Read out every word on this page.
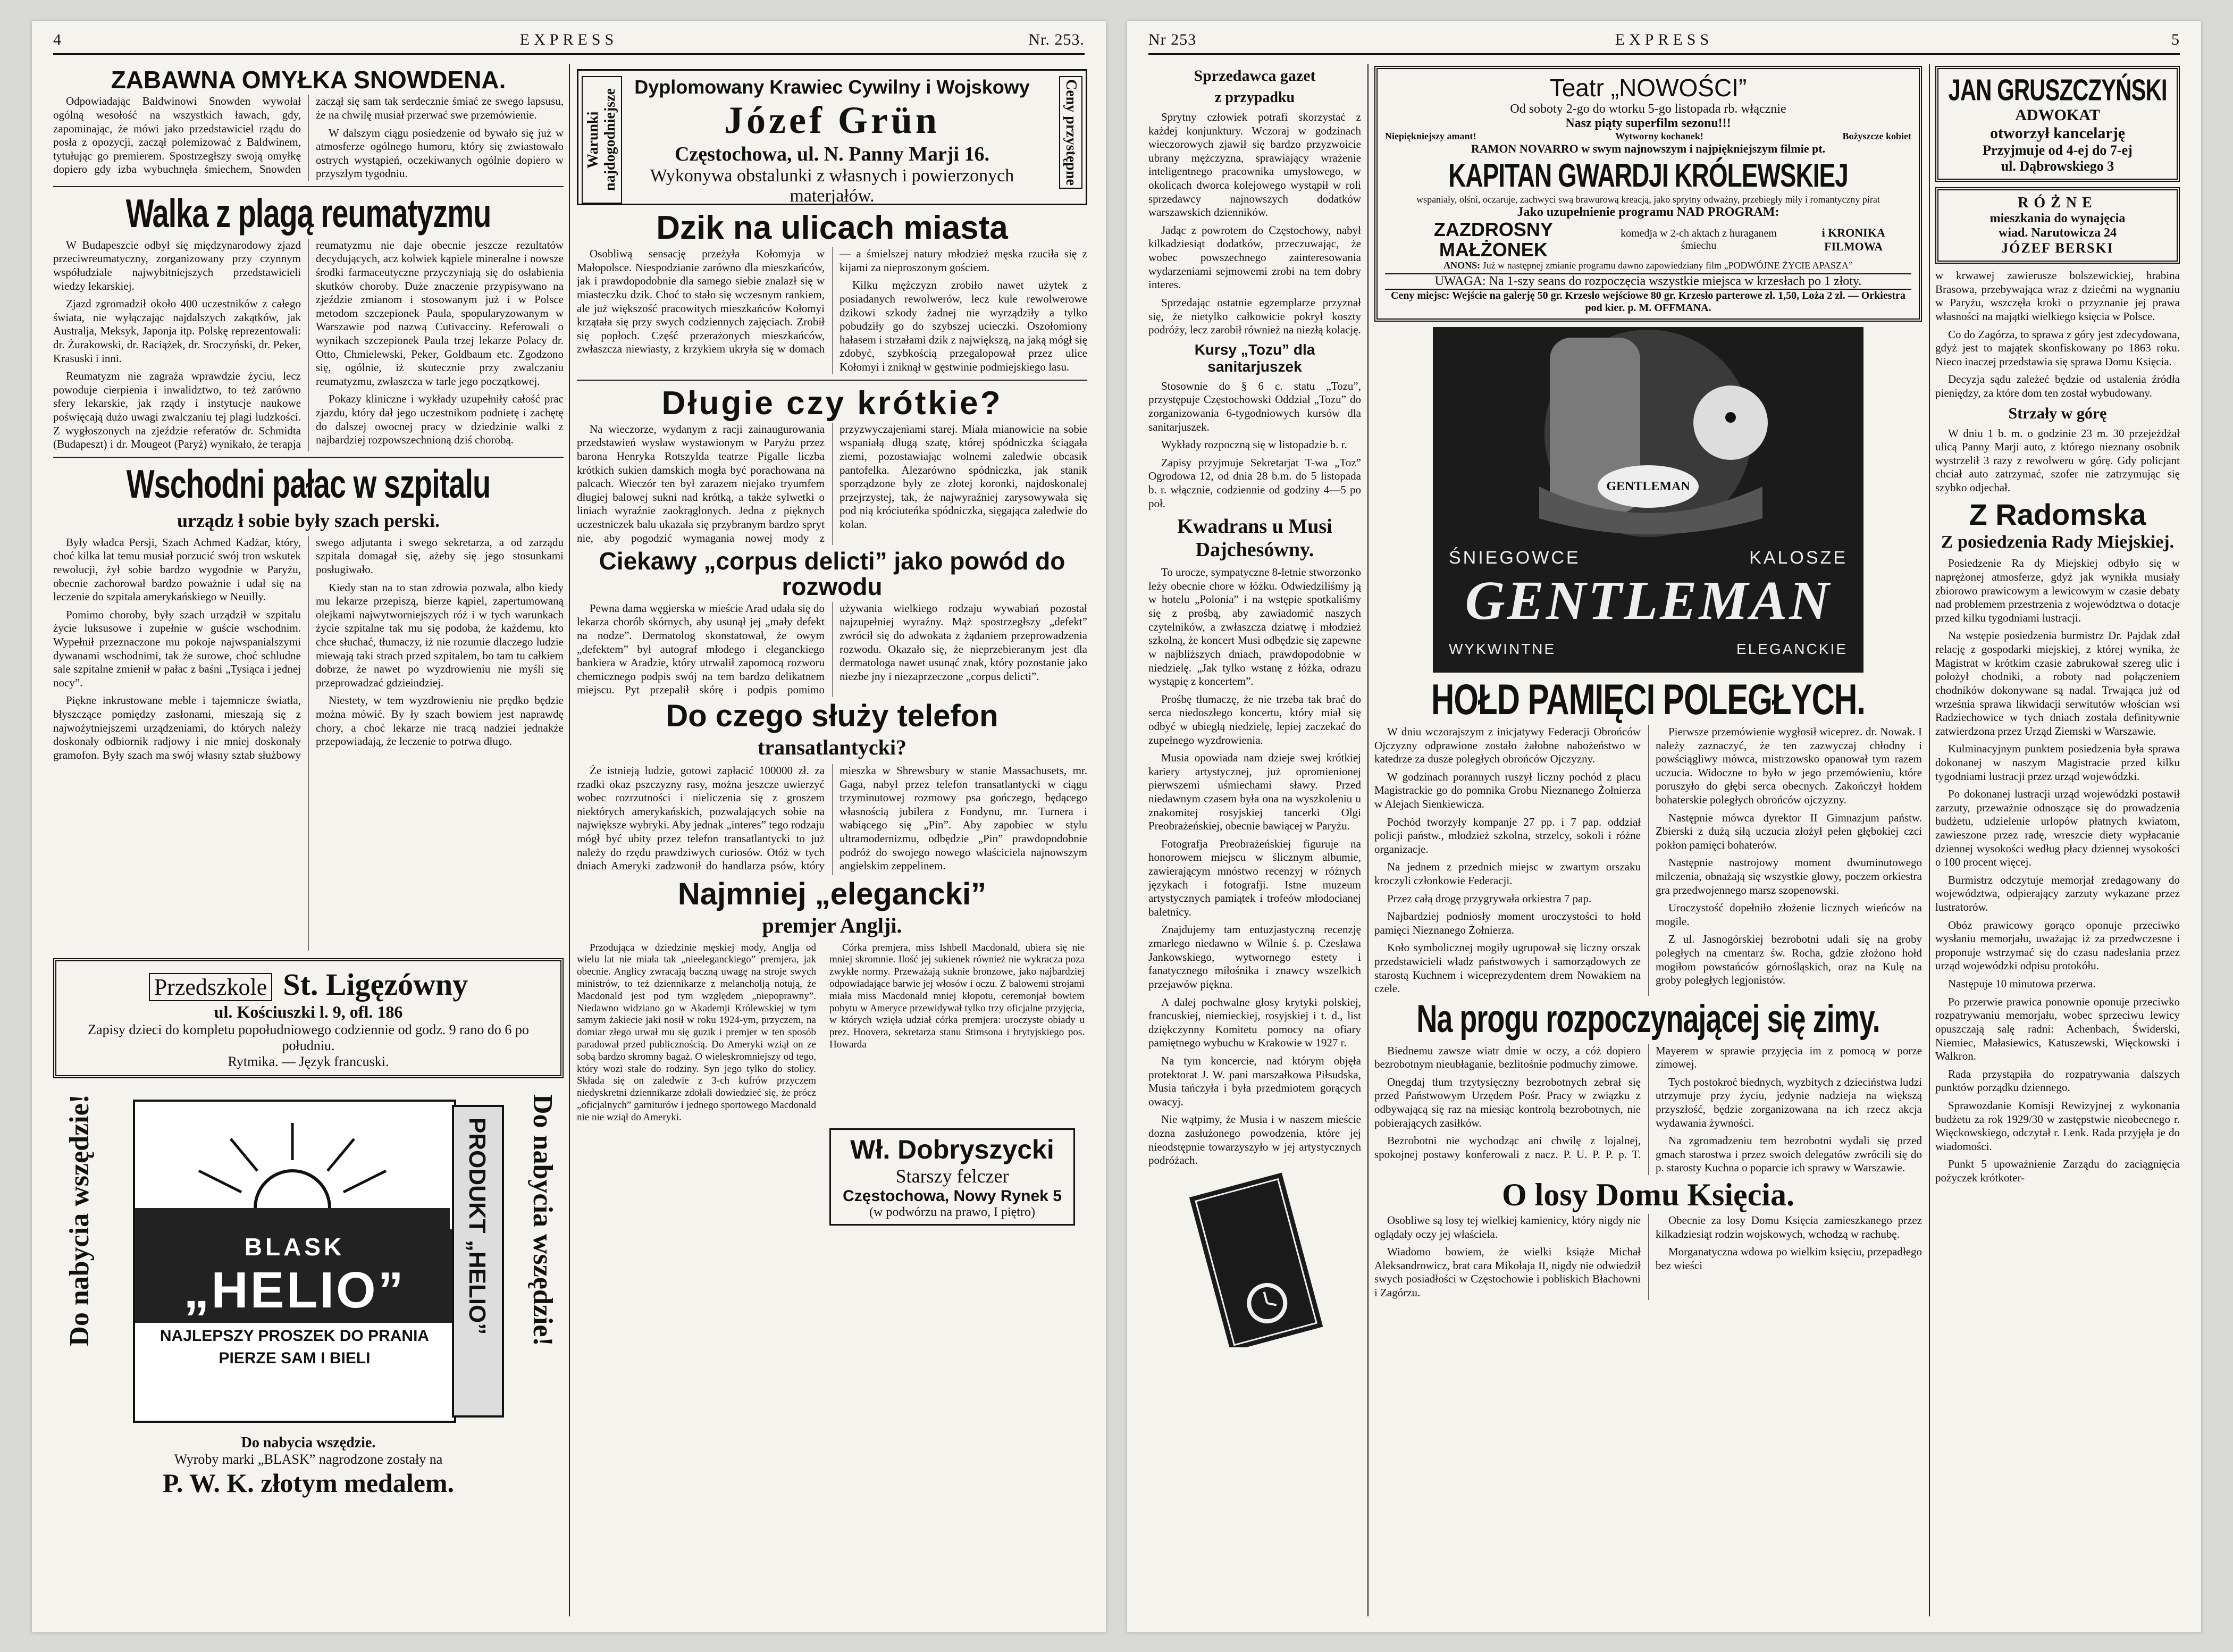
4	EXPRESS	Nr. 253.
ZABAWNA OMYŁKA SNOWDENA.

Odpowiadając Baldwinowi Snowden wywołał ogólną wesołość na wszystkich ławach, gdy, zapominając, że mówi jako przedstawiciel rządu do posła z opozycji, zaczął polemizować z Baldwinem, tytułując go premierem. Spostrzegłszy swoją omyłkę dopiero gdy izba wybuchnęła śmiechem, Snowden zaczął się sam tak serdecznie śmiać ze swego lapsusu, że na chwilę musiał przerwać swe przemówienie.

W dalszym ciągu posiedzenie od bywało się już w atmosferze ogólnego humoru, który się zwiastowało ostrych wystąpień, oczekiwanych ogólnie dopiero w przyszłym tygodniu.

Walka z plagą reumatyzmu

W Budapeszcie odbył się międzynarodowy zjazd przeciwreumatyczny, zorganizowany przy czynnym współudziale najwybitniejszych przedstawicieli wiedzy lekarskiej.

Zjazd zgromadził około 400 uczestników z całego świata, nie wyłączając najdalszych zakątków, jak Australja, Meksyk, Japonja itp. Polskę reprezentowali: dr. Żurakowski, dr. Raciążek, dr. Sroczyński, dr. Peker, Krasuski i inni.

Reumatyzm nie zagraża wprawdzie życiu, lecz powoduje cierpienia i inwalidztwo, to też zarówno sfery lekarskie, jak rządy i instytucje naukowe poświęcają dużo uwagi zwalczaniu tej plagi ludzkości. Z wygłoszonych na zjeździe referatów dr. Schmidta (Budapeszt) i dr. Mougeot (Paryż) wynikało, że terapja reumatyzmu nie daje obecnie jeszcze rezultatów decydujących, acz kolwiek kąpiele mineralne i nowsze środki farmaceutyczne przyczyniają się do osłabienia skutków choroby. Duże znaczenie przypisywano na zjeździe zmianom i stosowanym już i w Polsce metodom szczepionek Paula, spopularyzowanym w Warszawie pod nazwą Cutivacciny. Referowali o wynikach szczepionek Paula trzej lekarze Polacy dr. Otto, Chmielewski, Peker, Goldbaum etc. Zgodzono się, ogólnie, iż skutecznie przy zwalczaniu reumatyzmu, zwłaszcza w tarle jego początkowej.

Pokazy kliniczne i wykłady uzupełniły całość prac zjazdu, który dał jego uczestnikom podnietę i zachętę do dalszej owocnej pracy w dziedzinie walki z najbardziej rozpowszechnioną dziś chorobą.

Wschodni pałac w szpitalu
urządz ł sobie były szach perski.

Były władca Persji, Szach Achmed Kadżar, który, choć kilka lat temu musiał porzucić swój tron wskutek rewolucji, żył sobie bardzo wygodnie w Paryżu, obecnie zachorował bardzo poważnie i udał się na leczenie do szpitala amerykańskiego w Neuilly.

Pomimo choroby, były szach urządził w szpitalu życie luksusowe i zupełnie w guście wschodnim. Wypełnił przeznaczone mu pokoje najwspanialszymi dywanami wschodnimi, tak że surowe, choć schludne sale szpitalne zmienił w pałac z baśni „Tysiąca i jednej nocy”.

Piękne inkrustowane meble i tajemnicze światła, błyszczące pomiędzy zasłonami, mieszają się z najwoźytniejszemi urządzeniami, do których należy doskonały odbiornik radjowy i nie mniej doskonały gramofon. Były szach ma swój własny sztab służbowy swego adjutanta i swego sekretarza, a od zarządu szpitala domagał się, ażeby się jego stosunkami posługiwało.

Kiedy stan na to stan zdrowia pozwala, albo kiedy mu lekarze przepiszą, bierze kąpiel, zapertumowaną olejkami najwytworniejszych róż i w tych warunkach życie szpitalne tak mu się podoba, że każdemu, kto chce słuchać, tłumaczy, iż nie rozumie dlaczego ludzie miewają taki strach przed szpitalem, bo tam tu całkiem dobrze, że nawet po wyzdrowieniu nie myśli się przeprowadzać gdzieindziej.

Niestety, w tem wyzdrowieniu nie prędko będzie można mówić. By ły szach bowiem jest naprawdę chory, a choć lekarze nie tracą nadziei jednakże przepowiadają, że leczenie to potrwa długo.

Przedszkole St. Ligęzówny
ul. Kościuszki l. 9, ofl. 186
Zapisy dzieci do kompletu popołudniowego codziennie od godz. 9 rano do 6 po południu.
Rytmika. — Język francuski.
Do nabycia wszędzie!	Do nabycia wszędzie!
BLASK
„HELIO”
NAJLEPSZY PROSZEK DO PRANIA
PIERZE SAM I BIELI
PRODUKT „HELIO”
Do nabycia wszędzie.
Wyroby marki „BLASK” nagrodzone zostały na
P. W. K. złotym medalem.
Warunki najdogodniejsze	Ceny przystępne
Dyplomowany Krawiec Cywilny i Wojskowy
Józef Grün
Częstochowa, ul. N. Panny Marji 16.
Wykonywa obstalunki z własnych i powierzonych materjałów.
Dzik na ulicach miasta

Osobliwą sensację przeżyła Kołomyja w Małopolsce. Niespodzianie zarówno dla mieszkańców, jak i prawdopodobnie dla samego siebie znalazł się w miasteczku dzik. Choć to stało się wczesnym rankiem, ale już większość pracowitych mieszkańców Kołomyi krzątała się przy swych codziennych zajęciach. Zrobił się popłoch. Część przerażonych mieszkańców, zwłaszcza niewiasty, z krzykiem ukryła się w domach — a śmielszej natury młodzież męska rzuciła się z kijami za nieproszonym gościem.

Kilku mężczyzn zrobiło nawet użytek z posiadanych rewolwerów, lecz kule rewolwerowe dzikowi szkody żadnej nie wyrządziły a tylko pobudziły go do szybszej ucieczki. Oszołomiony hałasem i strzałami dzik z największą, na jaką mógł się zdobyć, szybkością przegalopował przez ulice Kołomyi i zniknął w gęstwinie podmiejskiego lasu.

Długie czy krótkie?

Na wieczorze, wydanym z racji zainaugurowania przedstawień wysław wystawionym w Paryżu przez barona Henryka Rotszylda teatrze Pigalle liczba krótkich sukien damskich mogła być porachowana na palcach. Wieczór ten był zarazem niejako tryumfem długiej balowej sukni nad krótką, a także sylwetki o liniach wyraźnie zaokrąglonych. Jedna z pięknych uczestniczek balu ukazała się przybranym bardzo spryt nie, aby pogodzić wymagania nowej mody z przyzwyczajeniami starej. Miała mianowicie na sobie wspaniałą długą szatę, której spódniczka ściągała ziemi, pozostawiając wolnemi zaledwie obcasik pantofelka. Alezarówno spódniczka, jak stanik sporządzone były ze złotej koronki, najdoskonalej przejrzystej, tak, że najwyraźniej zarysowywała się pod nią króciuteńka spódniczka, sięgająca zaledwie do kolan.

Ciekawy „corpus delicti” jako powód do rozwodu

Pewna dama węgierska w mieście Arad udała się do lekarza chorób skórnych, aby usunął jej „mały defekt na nodze”. Dermatolog skonstatował, że owym „defektem” był autograf młodego i eleganckiego bankiera w Aradzie, który utrwalił zapomocą rozworu chemicznego podpis swój na tem bardzo delikatnem miejscu. Pyt przepalił skórę i podpis pomimo używania wielkiego rodzaju wywabiań pozostał najzupełniej wyraźny. Mąż spostrzegłszy „defekt” zwrócił się do adwokata z żądaniem przeprowadzenia rozwodu. Okazało się, że nieprzebieranym jest dla dermatologa nawet usunąć znak, który pozostanie jako niezbe jny i niezaprzeczone „corpus delicti”.

Do czego służy telefon
transatlantycki?

Że istnieją ludzie, gotowi zapłacić 100000 zł. za rzadki okaz pszczyzny rasy, można jeszcze uwierzyć wobec rozrzutności i nieliczenia się z groszem niektórych amerykańskich, pozwalających sobie na największe wybryki. Aby jednak „interes” tego rodzaju mógł być ubity przez telefon transatlantycki to już należy do rzędu prawdziwych curiosów. Otóż w tych dniach Ameryki zadzwonił do handlarza psów, który mieszka w Shrewsbury w stanie Massachusets, mr. Gaga, nabył przez telefon transatlantycki w ciągu trzyminutowej rozmowy psa gończego, będącego własnością jubilera z Fondynu, mr. Turnera i wabiącego się „Pin”. Aby zapobiec w stylu ultramodernizmu, odbędzie „Pin” prawdopodobnie podróż do swojego nowego właściciela najnowszym angielskim zeppelinem.

Najmniej „elegancki”
premjer Anglji.

Przodująca w dziedzinie męskiej mody, Anglja od wielu lat nie miała tak „nieeleganckiego” premjera, jak obecnie. Anglicy zwracają baczną uwagę na stroje swych ministrów, to też dziennikarze z melancholją notują, że Macdonald jest pod tym względem „niepoprawny”. Niedawno widziano go w Akademji Królewskiej w tym samym żakiecie jaki nosił w roku 1924-ym, przyczem, na domiar złego urwał mu się guzik i premjer w ten sposób paradował przed publicznością. Do Ameryki wziął on ze sobą bardzo skromny bagaż. O wieleskromniejszy od tego, który wozi stale do rodziny. Syn jego tylko do stolicy. Składa się on zaledwie z 3-ch kufrów przyczem niedyskretni dziennikarze zdołali dowiedzieć się, że prócz „oficjalnych” garniturów i jednego sportowego Macdonald nie nie wziął do Ameryki.

Córka premjera, miss Ishbell Macdonald, ubiera się nie mniej skromnie. Ilość jej sukienek również nie wykracza poza zwykłe normy. Przeważają suknie bronzowe, jako najbardziej odpowiadające barwie jej włosów i oczu. Z balowemi strojami miała miss Macdonald mniej kłopotu, ceremonjał bowiem pobytu w Ameryce przewidywał tylko trzy oficjalne przyjęcia, w których wzięła udział córka premjera: uroczyste obiady u prez. Hoovera, sekretarza stanu Stimsona i brytyjskiego pos. Howarda

Wł. Dobryszycki
Starszy felczer
Częstochowa, Nowy Rynek 5
(w podwórzu na prawo, I piętro)
Nr 253	EXPRESS	5
Sprzedawca gazet
z przypadku

Sprytny człowiek potrafi skorzystać z każdej konjunktury. Wczoraj w godzinach wieczorowych zjawił się bardzo przyzwoicie ubrany mężczyzna, sprawiający wrażenie inteligentnego pracownika umysłowego, w okolicach dworca kolejowego wystąpił w roli sprzedawcy najnowszych dodatków warszawskich dzienników.

Jadąc z powrotem do Częstochowy, nabył kilkadziesiąt dodatków, przeczuwając, że wobec powszechnego zainteresowania wydarzeniami sejmowemi zrobi na tem dobry interes.

Sprzedając ostatnie egzemplarze przyznał się, że nietylko całkowicie pokrył koszty podróży, lecz zarobił również na niezłą kolację.

Kursy „Tozu” dla sanitarjuszek

Stosownie do § 6 c. statu „Tozu”, przystępuje Częstochowski Oddział „Tozu” do zorganizowania 6-tygodniowych kursów dla sanitarjuszek.

Wykłady rozpoczną się w listopadzie b. r.

Zapisy przyjmuje Sekretarjat T-wa „Toz” Ogrodowa 12, od dnia 28 b.m. do 5 listopada b. r. włącznie, codziennie od godziny 4—5 po poł.

Kwadrans u Musi Dajchesówny.

To urocze, sympatyczne 8-letnie stworzonko leży obecnie chore w łóżku. Odwiedziliśmy ją w hotelu „Polonia” i na wstępie spotkaliśmy się z prośbą, aby zawiadomić naszych czytelników, a zwłaszcza dziatwę i młodzież szkolną, że koncert Musi odbędzie się zapewne w najbliższych dniach, prawdopodobnie w niedzielę. „Jak tylko wstanę z łóżka, odrazu wystąpię z koncertem”.

Prośbę tłumaczę, że nie trzeba tak brać do serca niedoszłego koncertu, który miał się odbyć w ubiegłą niedzielę, lepiej zaczekać do zupełnego wyzdrowienia.

Musia opowiada nam dzieje swej krótkiej kariery artystycznej, już opromienionej pierwszemi uśmiechami sławy. Przed niedawnym czasem była ona na wyszkoleniu u znakomitej rosyjskiej tancerki Olgi Preobrażeńskiej, obecnie bawiącej w Paryżu.

Fotografja Preobrażeńskiej figuruje na honorowem miejscu w ślicznym albumie, zawierającym mnóstwo recenzyj w różnych językach i fotografji. Istne muzeum artystycznych pamiątek i trofeów młodocianej baletnicy.

Znajdujemy tam entuzjastyczną recenzję zmarłego niedawno w Wilnie ś. p. Czesława Jankowskiego, wytwornego estety i fanatycznego miłośnika i znawcy wszelkich przejawów piękna.

A dalej pochwalne głosy krytyki polskiej, francuskiej, niemieckiej, rosyjskiej i t. d., list dziękczynny Komitetu pomocy na ofiary pamiętnego wybuchu w Krakowie w 1927 r.

Na tym koncercie, nad którym objęła protektorat J. W. pani marszałkowa Piłsudska, Musia tańczyła i była przedmiotem gorących owacyj.

Nie wątpimy, że Musia i w naszem mieście dozna zasłużonego powodzenia, które jej nieodstępnie towarzyszyło w jej artystycznych podróżach.

Teatr „NOWOŚCI”
Od soboty 2-go do wtorku 5-go listopada rb. włącznie
Nasz piąty superfilm sezonu!!!
Niepiękniejszy amant!	Wytworny kochanek!	Bożyszcze kobiet
RAMON NOVARRO w swym najnowszym i najpiękniejszym filmie pt.
KAPITAN GWARDJI KRÓLEWSKIEJ
wspaniały, olśni, oczaruje, zachwyci swą brawurową kreacją, jako sprytny odważny, przebiegły miły i romantyczny pirat
Jako uzupełnienie programu NAD PROGRAM:
ZAZDROSNY MAŁŻONEK
komedja w 2-ch aktach z huraganem śmiechu
i KRONIKA FILMOWA
ANONS: Już w następnej zmianie programu dawno zapowiedziany film „PODWÓJNE ŻYCIE APASZA”
UWAGA: Na 1-szy seans do rozpoczęcia wszystkie miejsca w krzesłach po 1 złoty.
Ceny miejsc: Wejście na galerję 50 gr. Krzesło wejściowe 80 gr. Krzesło parterowe zł. 1,50, Loża 2 zł. — Orkiestra pod kier. p. M. OFFMANA.
GENTLEMAN
ŚNIEGOWCE	KALOSZE
GENTLEMAN
WYKWINTNE	ELEGANCKIE
HOŁD PAMIĘCI POLEGŁYCH.

W dniu wczorajszym z inicjatywy Federacji Obrońców Ojczyzny odprawione zostało żałobne nabożeństwo w katedrze za dusze poległych obrońców Ojczyzny.

W godzinach porannych ruszył liczny pochód z placu Magistrackie go do pomnika Grobu Nieznanego Żołnierza w Alejach Sienkiewicza.

Pochód tworzyły kompanje 27 pp. i 7 pap. oddział policji państw., młodzież szkolna, strzelcy, sokoli i różne organizacje.

Na jednem z przednich miejsc w zwartym orszaku kroczyli członkowie Federacji.

Przez całą drogę przygrywała orkiestra 7 pap.

Najbardziej podniosły moment uroczystości to hołd pamięci Nieznanego Żołnierza.

Koło symbolicznej mogiły ugrupował się liczny orszak przedstawicieli władz państwowych i samorządowych ze starostą Kuchnem i wiceprezydentem drem Nowakiem na czele.

Pierwsze przemówienie wygłosił wiceprez. dr. Nowak. I należy zaznaczyć, że ten zazwyczaj chłodny i powściągliwy mówca, mistrzowsko opanował tym razem uczucia. Widoczne to było w jego przemówieniu, które poruszyło do głębi serca obecnych. Zakończył hołdem bohaterskie poległych obrońców ojczyzny.

Następnie mówca dyrektor II Gimnazjum państw. Zbierski z dużą siłą uczucia złożył pełen głębokiej czci pokłon pamięci bohaterów.

Następnie nastrojowy moment dwuminutowego milczenia, obnażają się wszystkie głowy, poczem orkiestra gra przedwojennego marsz szopenowski.

Uroczystość dopełniło złożenie licznych wieńców na mogile.

Z ul. Jasnogórskiej bezrobotni udali się na groby poległych na cmentarz św. Rocha, gdzie złożono hołd mogiłom powstańców górnośląskich, oraz na Kulę na groby poległych legjonistów.

Na progu rozpoczynającej się zimy.

Biednemu zawsze wiatr dmie w oczy, a cóż dopiero bezrobotnym nieubłaganie, bezlitośnie podmuchy zimowe.

Onegdaj tłum trzytysięczny bezrobotnych zebrał się przed Państwowym Urzędem Pośr. Pracy w związku z odbywającą się raz na miesiąc kontrolą bezrobotnych, nie pobierających zasiłków.

Bezrobotni nie wychodząc ani chwilę z lojalnej, spokojnej postawy konferowali z nacz. P. U. P. P. p. T. Mayerem w sprawie przyjęcia im z pomocą w porze zimowej.

Tych postokroć biednych, wyzbitych z dzieciństwa ludzi utrzymuje przy życiu, jedynie nadzieja na większą przyszłość, będzie zorganizowana na ich rzecz akcja wydawania żywności.

Na zgromadzeniu tem bezrobotni wydali się przed gmach starostwa i przez swoich delegatów zwrócili się do p. starosty Kuchna o poparcie ich sprawy w Warszawie.

O losy Domu Księcia.

Osobliwe są losy tej wielkiej kamienicy, który nigdy nie oglądały oczy jej właściela.

Wiadomo bowiem, że wielki książe Michał Aleksandrowicz, brat cara Mikołaja II, nigdy nie odwiedził swych posiadłości w Częstochowie i pobliskich Błachowni i Zagórzu.

Obecnie za losy Domu Księcia zamieszkanego przez kilkadziesiąt rodzin wojskowych, wchodzą w rachubę.

Morganatyczna wdowa po wielkim księciu, przepadłego bez wieści

JAN GRUSZCZYŃSKI
ADWOKAT
otworzył kancelarję
Przyjmuje od 4-ej do 7-ej
ul. Dąbrowskiego 3
RÓŻNE
mieszkania do wynajęcia
wiad. Narutowicza 24
JÓZEF BERSKI

w krwawej zawierusze bolszewickiej, hrabina Brasowa, przebywająca wraz z dziećmi na wygnaniu w Paryżu, wszczęła kroki o przyznanie jej prawa własności na majątki wielkiego księcia w Polsce.

Co do Zagórza, to sprawa z góry jest zdecydowana, gdyż jest to majątek skonfiskowany po 1863 roku. Nieco inaczej przedstawia się sprawa Domu Księcia.

Decyzja sądu zależeć będzie od ustalenia źródła pieniędzy, za które dom ten został wybudowany.

Strzały w górę

W dniu 1 b. m. o godzinie 23 m. 30 przejeżdżał ulicą Panny Marji auto, z którego nieznany osobnik wystrzelił 3 razy z rewolweru w górę. Gdy policjant chciał auto zatrzymać, szofer nie zatrzymując się szybko odjechał.

Z Radomska
Z posiedzenia Rady Miejskiej.

Posiedzenie Ra dy Miejskiej odbyło się w naprężonej atmosferze, gdyż jak wynikła musiały zbiorowo prawicowym a lewicowym w czasie debaty nad problemem przestrzenia z województwa o dotacje przed kilku tygodniami lustracji.

Na wstępie posiedzenia burmistrz Dr. Pajdak zdał relację z gospodarki miejskiej, z której wynika, że Magistrat w krótkim czasie zabrukował szereg ulic i położył chodniki, a roboty nad połączeniem chodników dokonywane są nadal. Trwająca już od września sprawa likwidacji serwitutów włościan wsi Radziechowice w tych dniach została definitywnie zatwierdzona przez Urząd Ziemski w Warszawie.

Kulminacyjnym punktem posiedzenia była sprawa dokonanej w naszym Magistracie przed kilku tygodniami lustracji przez urząd wojewódzki.

Po dokonanej lustracji urząd wojewódzki postawił zarzuty, przeważnie odnoszące się do prowadzenia budżetu, udzielenie urlopów płatnych kwiatom, zawieszone przez radę, wreszcie diety wypłacanie dziennej wysokości według płacy dziennej wysokości o 100 procent więcej.

Burmistrz odczytuje memorjał zredagowany do województwa, odpierający zarzuty wykazane przez lustratorów.

Obóz prawicowy gorąco oponuje przeciwko wysłaniu memorjału, uważając iż za przedwczesne i proponuje wstrzymać się do czasu nadesłania przez urząd wojewódzki odpisu protokółu.

Następuje 10 minutowa przerwa.

Po przerwie prawica ponownie oponuje przeciwko rozpatrywaniu memorjału, wobec sprzeciwu lewicy opuszczają salę radni: Achenbach, Świderski, Niemiec, Małasiewics, Katuszewski, Więckowski i Walkron.

Rada przystąpiła do rozpatrywania dalszych punktów porządku dziennego.

Sprawozdanie Komisji Rewizyjnej z wykonania budżetu za rok 1929/30 w zastępstwie nieobecnego r. Więckowskiego, odczytał r. Lenk. Rada przyjęła je do wiadomości.

Punkt 5 upoważnienie Zarządu do zaciągnięcia pożyczek krótkoter-
